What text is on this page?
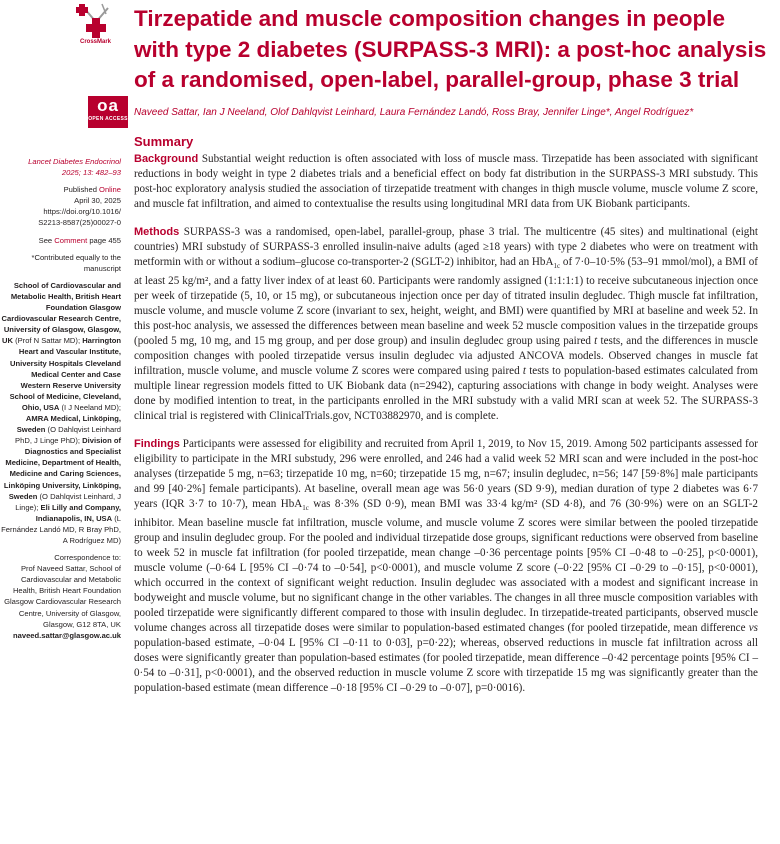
CrossMark
oa
OPEN ACCESS
Tirzepatide and muscle composition changes in people with type 2 diabetes (SURPASS-3 MRI): a post-hoc analysis of a randomised, open-label, parallel-group, phase 3 trial
Naveed Sattar, Ian J Neeland, Olof Dahlqvist Leinhard, Laura Fernández Landó, Ross Bray, Jennifer Linge*, Angel Rodríguez*
Summary

Lancet Diabetes Endocrinol

2025; 13: 482–93

Published Online

April 30, 2025

https://doi.org/10.1016/

S2213-8587(25)00027-0

See Comment page 455

*Contributed equally to the

manuscript

School of Cardiovascular and Metabolic Health, British Heart Foundation Glasgow Cardiovascular Research Centre, University of Glasgow, Glasgow, UK (Prof N Sattar MD); Harrington Heart and Vascular Institute, University Hospitals Cleveland Medical Center and Case Western Reserve University School of Medicine, Cleveland, Ohio, USA (I J Neeland MD); AMRA Medical, Linköping, Sweden (O Dahlqvist Leinhard PhD, J Linge PhD); Division of Diagnostics and Specialist Medicine, Department of Health, Medicine and Caring Sciences, Linköping University, Linköping, Sweden (O Dahlqvist Leinhard, J Linge); Eli Lilly and Company, Indianapolis, IN, USA (L Fernández Landó MD, R Bray PhD, A Rodríguez MD)

Correspondence to:

Prof Naveed Sattar, School of Cardiovascular and Metabolic Health, British Heart Foundation Glasgow Cardiovascular Research Centre, University of Glasgow, Glasgow, G12 8TA, UK

naveed.sattar@glasgow.ac.uk

Background Substantial weight reduction is often associated with loss of muscle mass. Tirzepatide has been associated with significant reductions in body weight in type 2 diabetes trials and a beneficial effect on body fat distribution in the SURPASS-3 MRI substudy. This post-hoc exploratory analysis studied the association of tirzepatide treatment with changes in thigh muscle volume, muscle volume Z score, and muscle fat infiltration, and aimed to contextualise the results using longitudinal MRI data from UK Biobank participants.

Methods SURPASS-3 was a randomised, open-label, parallel-group, phase 3 trial. The multicentre (45 sites) and multinational (eight countries) MRI substudy of SURPASS-3 enrolled insulin-naive adults (aged ≥18 years) with type 2 diabetes who were on treatment with metformin with or without a sodium–glucose co-transporter-2 (SGLT-2) inhibitor, had an HbA$_{1c}$ of 7·0–10·5% (53–91 mmol/mol), a BMI of at least 25 kg/m², and a fatty liver index of at least 60. Participants were randomly assigned (1:1:1:1) to receive subcutaneous injection once per week of tirzepatide (5, 10, or 15 mg), or subcutaneous injection once per day of titrated insulin degludec. Thigh muscle fat infiltration, muscle volume, and muscle volume Z score (invariant to sex, height, weight, and BMI) were quantified by MRI at baseline and week 52. In this post-hoc analysis, we assessed the differences between mean baseline and week 52 muscle composition values in the tirzepatide groups (pooled 5 mg, 10 mg, and 15 mg group, and per dose group) and insulin degludec group using paired t tests, and the differences in muscle composition changes with pooled tirzepatide versus insulin degludec via adjusted ANCOVA models. Observed changes in muscle fat infiltration, muscle volume, and muscle volume Z scores were compared using paired t tests to population-based estimates calculated from multiple linear regression models fitted to UK Biobank data (n=2942), capturing associations with change in body weight. Analyses were done by modified intention to treat, in the participants enrolled in the MRI substudy with a valid MRI scan at week 52. The SURPASS-3 clinical trial is registered with ClinicalTrials.gov, NCT03882970, and is complete.

Findings Participants were assessed for eligibility and recruited from April 1, 2019, to Nov 15, 2019. Among 502 participants assessed for eligibility to participate in the MRI substudy, 296 were enrolled, and 246 had a valid week 52 MRI scan and were included in the post-hoc analyses (tirzepatide 5 mg, n=63; tirzepatide 10 mg, n=60; tirzepatide 15 mg, n=67; insulin degludec, n=56; 147 [59·8%] male participants and 99 [40·2%] female participants). At baseline, overall mean age was 56·0 years (SD 9·9), median duration of type 2 diabetes was 6·7 years (IQR 3·7 to 10·7), mean HbA$_{1c}$ was 8·3% (SD 0·9), mean BMI was 33·4 kg/m² (SD 4·8), and 76 (30·9%) were on an SGLT-2 inhibitor. Mean baseline muscle fat infiltration, muscle volume, and muscle volume Z scores were similar between the pooled tirzepatide group and insulin degludec group. For the pooled and individual tirzepatide dose groups, significant reductions were observed from baseline to week 52 in muscle fat infiltration (for pooled tirzepatide, mean change –0·36 percentage points [95% CI –0·48 to –0·25], p<0·0001), muscle volume (–0·64 L [95% CI –0·74 to –0·54], p<0·0001), and muscle volume Z score (–0·22 [95% CI –0·29 to –0·15], p<0·0001), which occurred in the context of significant weight reduction. Insulin degludec was associated with a modest and significant increase in bodyweight and muscle volume, but no significant change in the other variables. The changes in all three muscle composition variables with pooled tirzepatide were significantly different compared to those with insulin degludec. In tirzepatide-treated participants, observed muscle volume changes across all tirzepatide doses were similar to population-based estimated changes (for pooled tirzepatide, mean difference vs population-based estimate, –0·04 L [95% CI –0·11 to 0·03], p=0·22); whereas, observed reductions in muscle fat infiltration across all doses were significantly greater than population-based estimates (for pooled tirzepatide, mean difference –0·42 percentage points [95% CI –0·54 to –0·31], p<0·0001), and the observed reduction in muscle volume Z score with tirzepatide 15 mg was significantly greater than the population-based estimate (mean difference –0·18 [95% CI –0·29 to –0·07], p=0·0016).
